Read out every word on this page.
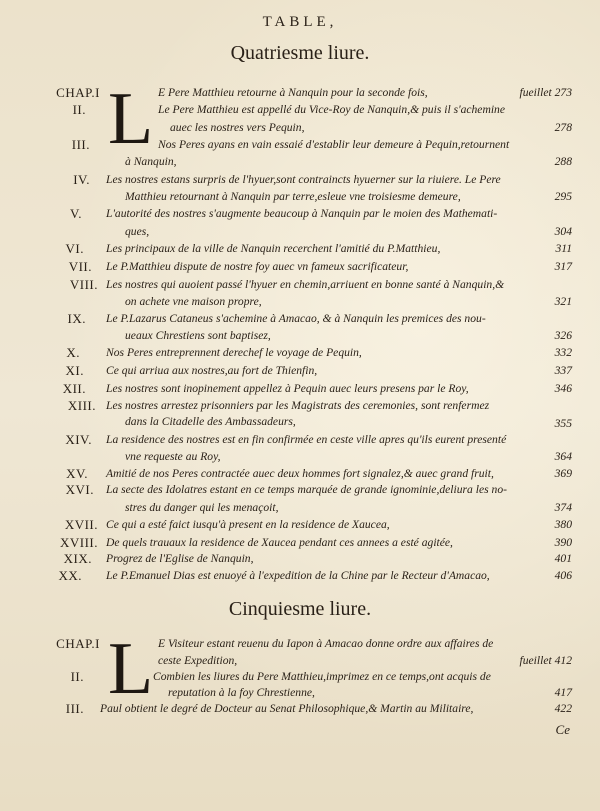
TABLE,
Quatriesme liure.
L
CHAP.I	E Pere Matthieu retourne à Nanquin pour la seconde fois,	fueillet 273
II.	Le Pere Matthieu est appellé du Vice-Roy de Nanquin,& puis il s'achemine
auec les nostres vers Pequin,	278
III.	Nos Peres ayans en vain essaié d'establir leur demeure à Pequin,retournent
à Nanquin,	288
IV. Les nostres estans surpris de l'hyuer,sont contraincts hyuerner sur la riuiere. Le Pere
Matthieu retournant à Nanquin par terre,esleue vne troisiesme demeure,	295
V. L'autorité des nostres s'augmente beaucoup à Nanquin par le moien des Mathemati-
ques,	304
VI. Les principaux de la ville de Nanquin recerchent l'amitié du P.Matthieu,	311
VII. Le P.Matthieu dispute de nostre foy auec vn fameux sacrificateur,	317
VIII. Les nostres qui auoient passé l'hyuer en chemin,arriuent en bonne santé à Nanquin,&
on achete vne maison propre,	321
IX. Le P.Lazarus Cataneus s'achemine à Amacao, & à Nanquin les premices des nou-
ueaux Chrestiens sont baptisez,	326
X. Nos Peres entreprennent derechef le voyage de Pequin,	332
XI. Ce qui arriua aux nostres,au fort de Thienfin,	337
XII. Les nostres sont inopinement appellez à Pequin auec leurs presens par le Roy,	346
XIII. Les nostres arrestez prisonniers par les Magistrats des ceremonies, sont renfermez
dans la Citadelle des Ambassadeurs,	355
XIV. La residence des nostres est en fin confirmée en ceste ville apres qu'ils eurent presenté
vne requeste au Roy,	364
XV. Amitié de nos Peres contractée auec deux hommes fort signalez,& auec grand fruit,	369
XVI. La secte des Idolatres estant en ce temps marquée de grande ignominie,deliura les no-
stres du danger qui les menaçoit,	374
XVII. Ce qui a esté faict iusqu'à present en la residence de Xaucea,	380
XVIII. De quels trauaux la residence de Xaucea pendant ces annees a esté agitée,	390
XIX. Progrez de l'Eglise de Nanquin,	401
XX. Le P.Emanuel Dias est enuoyé à l'expedition de la Chine par le Recteur d'Amacao,	406
Cinquiesme liure.
L
CHAP.I	E Visiteur estant reuenu du Iapon à Amacao donne ordre aux affaires de
ceste Expedition,	fueillet 412
II.	Combien les liures du Pere Matthieu,imprimez en ce temps,ont acquis de
reputation à la foy Chrestienne,	417
III. Paul obtient le degré de Docteur au Senat Philosophique,& Martin au Militaire,	422
Ce
